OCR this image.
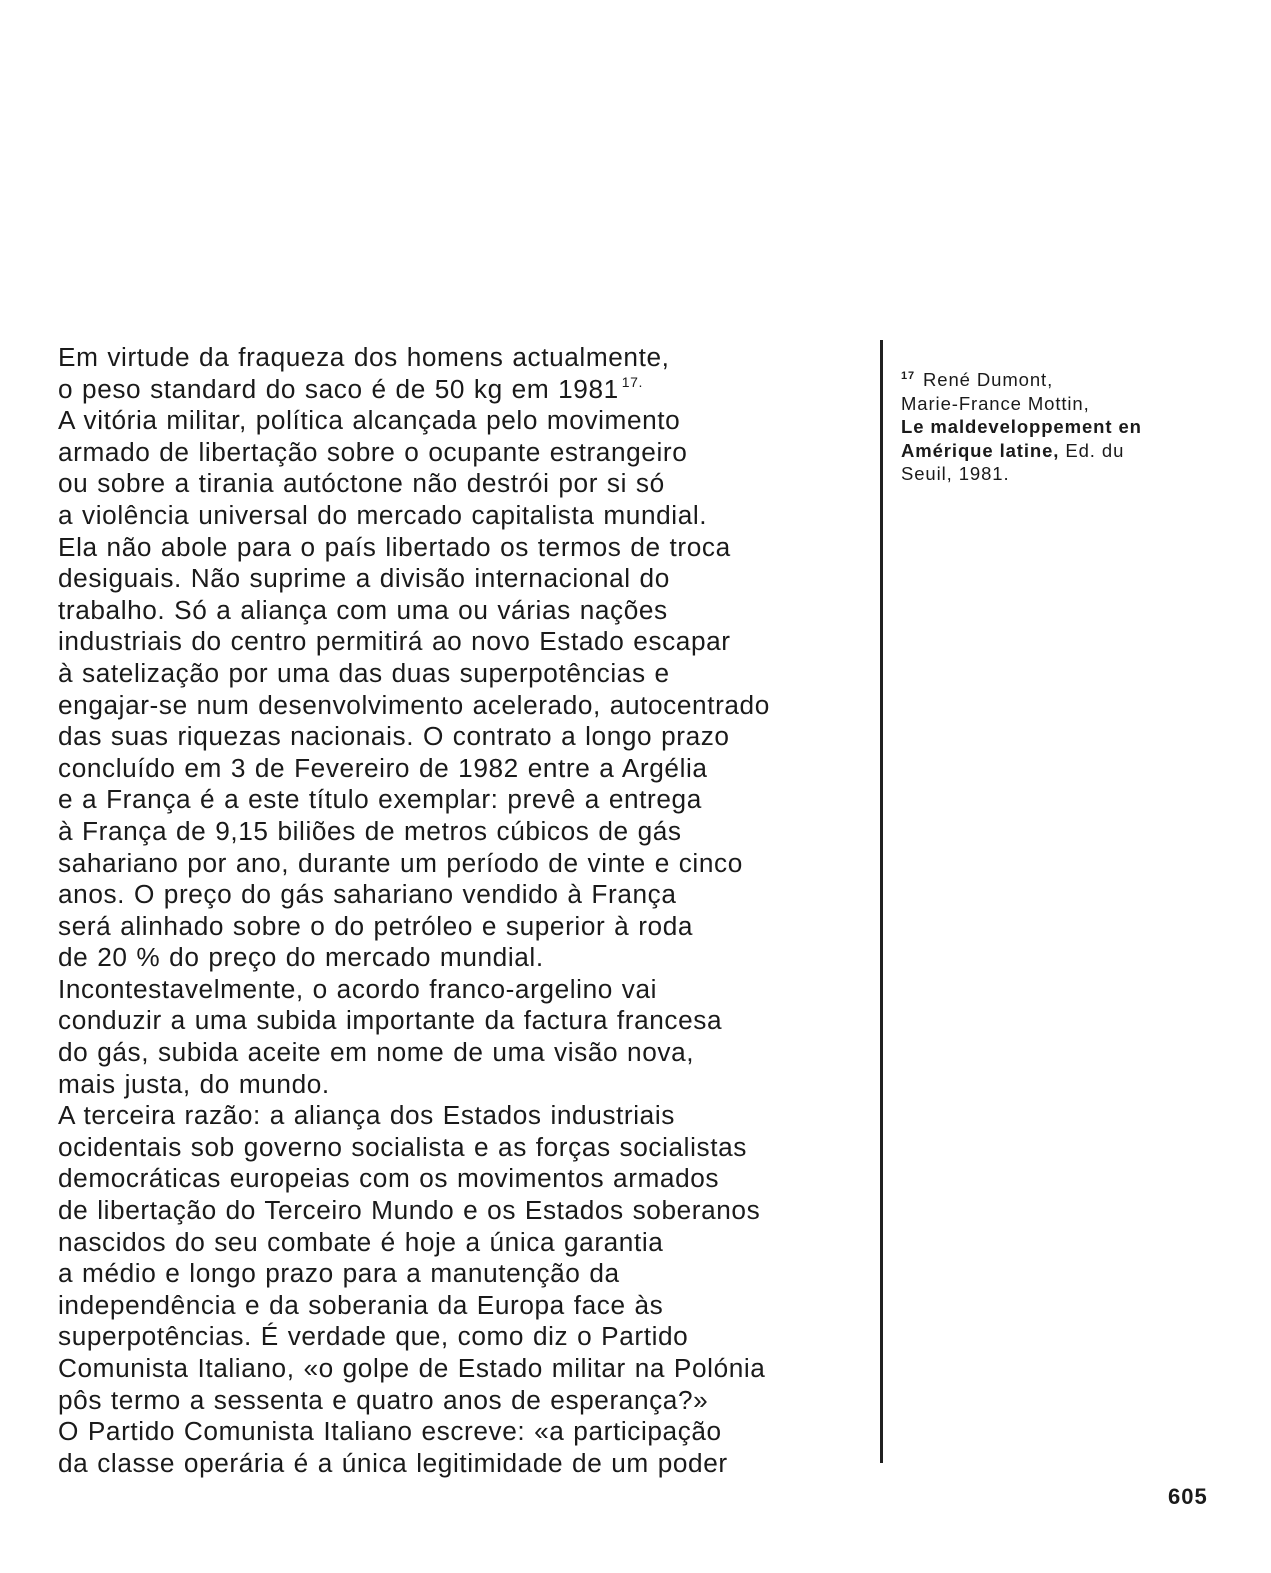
Em virtude da fraqueza dos homens actualmente,
o peso standard do saco é de 50 kg em 1981 $^{17.}$
A vitória militar, política alcançada pelo movimento
armado de libertação sobre o ocupante estrangeiro
ou sobre a tirania autóctone não destrói por si só
a violência universal do mercado capitalista mundial.
Ela não abole para o país libertado os termos de troca
desiguais. Não suprime a divisão internacional do
trabalho. Só a aliança com uma ou várias nações
industriais do centro permitirá ao novo Estado escapar
à satelização por uma das duas superpotências e
engajar-se num desenvolvimento acelerado, autocentrado
das suas riquezas nacionais. O contrato a longo prazo
concluído em 3 de Fevereiro de 1982 entre a Argélia
e a França é a este título exemplar: prevê a entrega
à França de 9,15 biliões de metros cúbicos de gás
sahariano por ano, durante um período de vinte e cinco
anos. O preço do gás sahariano vendido à França
será alinhado sobre o do petróleo e superior à roda
de 20 % do preço do mercado mundial.
Incontestavelmente, o acordo franco-argelino vai
conduzir a uma subida importante da factura francesa
do gás, subida aceite em nome de uma visão nova,
mais justa, do mundo.
A terceira razão: a aliança dos Estados industriais
ocidentais sob governo socialista e as forças socialistas
democráticas europeias com os movimentos armados
de libertação do Terceiro Mundo e os Estados soberanos
nascidos do seu combate é hoje a única garantia
a médio e longo prazo para a manutenção da
independência e da soberania da Europa face às
superpotências. É verdade que, como diz o Partido
Comunista Italiano, «o golpe de Estado militar na Polónia
pôs termo a sessenta e quatro anos de esperança?»
O Partido Comunista Italiano escreve: «a participação
da classe operária é a única legitimidade de um poder
$^{17}$ René Dumont,
Marie-France Mottin,
Le maldeveloppement en
Amérique latine, Ed. du
Seuil, 1981.
605
